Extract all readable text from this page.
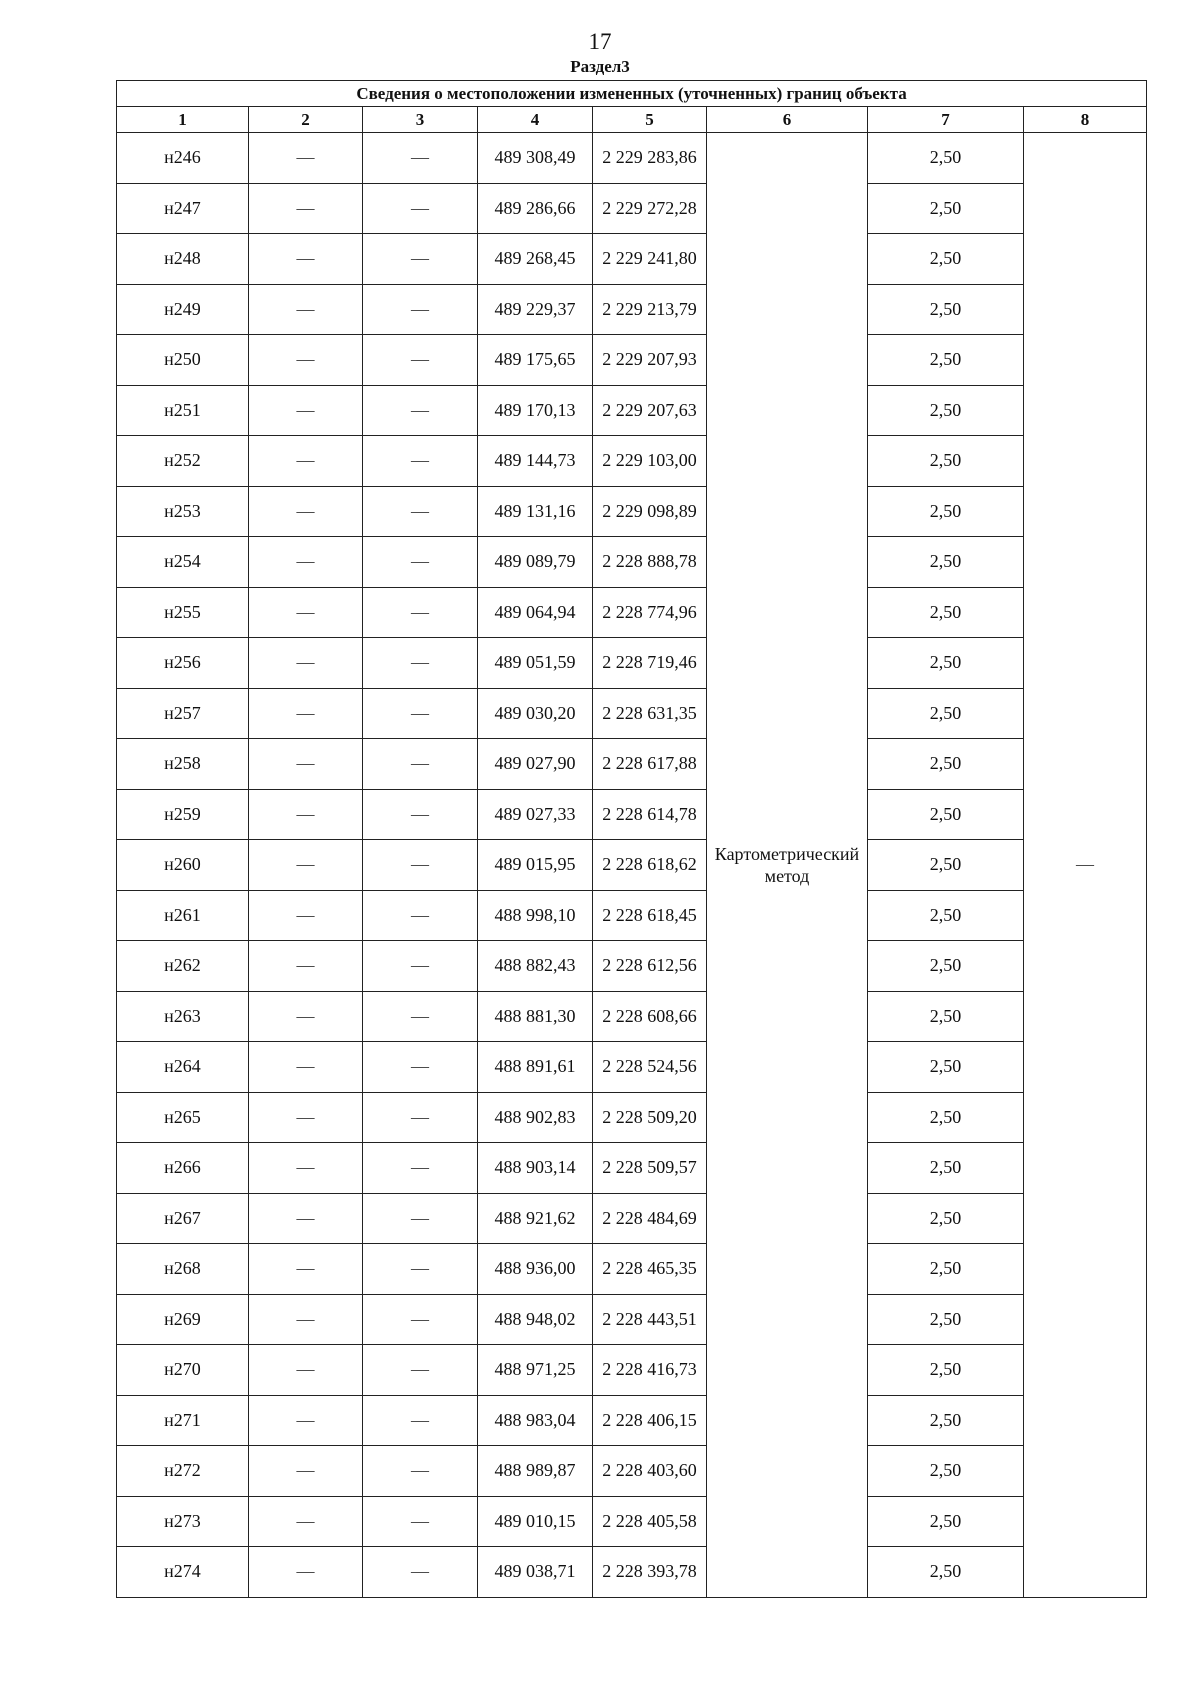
17
Раздел3
Сведения о местоположении измененных (уточненных) границ объекта							
1	2	3	4	5	6	7	8
н246	—	—	489 308,49	2 229 283,86	Картометрический метод	2,50	—
н247	—	—	489 286,66	2 229 272,28		2,50	
н248	—	—	489 268,45	2 229 241,80		2,50	
н249	—	—	489 229,37	2 229 213,79		2,50	
н250	—	—	489 175,65	2 229 207,93		2,50	
н251	—	—	489 170,13	2 229 207,63		2,50	
н252	—	—	489 144,73	2 229 103,00		2,50	
н253	—	—	489 131,16	2 229 098,89		2,50	
н254	—	—	489 089,79	2 228 888,78		2,50	
н255	—	—	489 064,94	2 228 774,96		2,50	
н256	—	—	489 051,59	2 228 719,46		2,50	
н257	—	—	489 030,20	2 228 631,35		2,50	
н258	—	—	489 027,90	2 228 617,88		2,50	
н259	—	—	489 027,33	2 228 614,78		2,50	
н260	—	—	489 015,95	2 228 618,62		2,50	
н261	—	—	488 998,10	2 228 618,45		2,50	
н262	—	—	488 882,43	2 228 612,56		2,50	
н263	—	—	488 881,30	2 228 608,66		2,50	
н264	—	—	488 891,61	2 228 524,56		2,50	
н265	—	—	488 902,83	2 228 509,20		2,50	
н266	—	—	488 903,14	2 228 509,57		2,50	
н267	—	—	488 921,62	2 228 484,69		2,50	
н268	—	—	488 936,00	2 228 465,35		2,50	
н269	—	—	488 948,02	2 228 443,51		2,50	
н270	—	—	488 971,25	2 228 416,73		2,50	
н271	—	—	488 983,04	2 228 406,15		2,50	
н272	—	—	488 989,87	2 228 403,60		2,50	
н273	—	—	489 010,15	2 228 405,58		2,50	
н274	—	—	489 038,71	2 228 393,78		2,50	
